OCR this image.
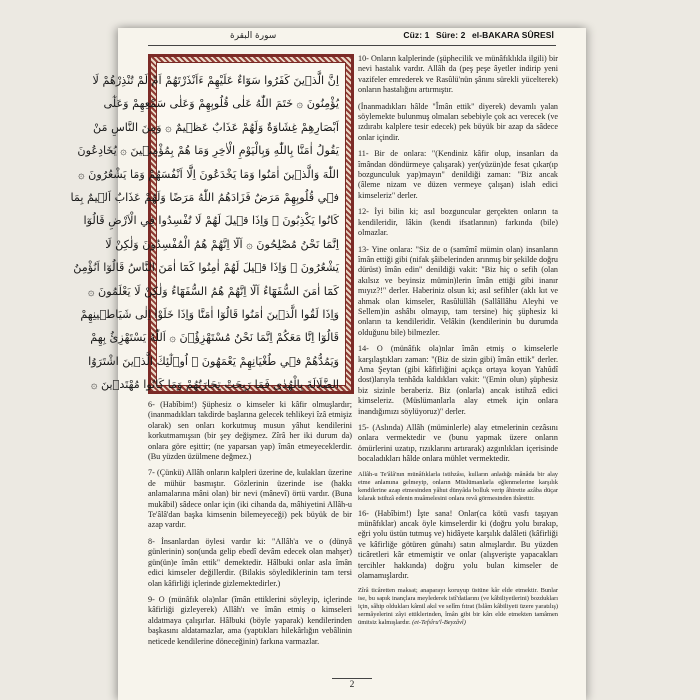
سورة البقرة	Cüz: 1 Süre: 2 el-BAKARA SÛRESİ
اِنَّ الَّذ۪ينَ كَفَرُوا سَوَٓاءٌ عَلَيْهِمْ ءَاَنْذَرْتَهُمْ اَمْ لَمْ تُنْذِرْهُمْ لَا
يُؤْمِنُونَ ۞ خَتَمَ اللّٰهُ عَلٰى قُلُوبِهِمْ وَعَلٰى سَمْعِهِمْ وَعَلٰٓى
اَبْصَارِهِمْ غِشَاوَةٌ وَلَهُمْ عَذَابٌ عَظ۪يمٌ ۞ وَمِنَ النَّاسِ مَنْ
يَقُولُ اٰمَنَّا بِاللّٰهِ وَبِالْيَوْمِ الْاٰخِرِ وَمَا هُمْ بِمُؤْمِن۪ينَ ۞ يُخَادِعُونَ
اللّٰهَ وَالَّذ۪ينَ اٰمَنُوا وَمَا يَخْدَعُونَ اِلَّٓا اَنْفُسَهُمْ وَمَا يَشْعُرُونَ ۞
ف۪ي قُلُوبِهِمْ مَرَضٌ فَزَادَهُمُ اللّٰهُ مَرَضًا وَلَهُمْ عَذَابٌ اَل۪يمٌ بِمَا
كَانُوا يَكْذِبُونَ ۞ وَاِذَا ق۪يلَ لَهُمْ لَا تُفْسِدُوا فِي الْاَرْضِ قَالُوٓا
اِنَّمَا نَحْنُ مُصْلِحُونَ ۞ اَلَٓا اِنَّهُمْ هُمُ الْمُفْسِدُونَ وَلٰكِنْ لَا
يَشْعُرُونَ ۞ وَاِذَا ق۪يلَ لَهُمْ اٰمِنُوا كَمَٓا اٰمَنَ النَّاسُ قَالُوٓا اَنُؤْمِنُ
كَمَٓا اٰمَنَ السُّفَهَٓاءُ اَلَٓا اِنَّهُمْ هُمُ السُّفَهَٓاءُ وَلٰكِنْ لَا يَعْلَمُونَ ۞
وَاِذَا لَقُوا الَّذ۪ينَ اٰمَنُوا قَالُوٓا اٰمَنَّا وَاِذَا خَلَوْا اِلٰى شَيَاط۪ينِهِمْ
قَالُوٓا اِنَّا مَعَكُمْ اِنَّمَا نَحْنُ مُسْتَهْزِؤُ۫نَ ۞ اَللّٰهُ يَسْتَهْزِئُ بِهِمْ
وَيَمُدُّهُمْ ف۪ي طُغْيَانِهِمْ يَعْمَهُونَ ۞ اُو۬لٰٓئِكَ الَّذ۪ينَ اشْتَرَوُا
الضَّلَالَةَ بِالْهُدٰى فَمَا رَبِحَتْ تِجَارَتُهُمْ وَمَا كَانُوا مُهْتَد۪ينَ ۞

10- Onların kalplerinde (şüphecilik ve münâfıklıkla ilgili) bir nevi hastalık vardır. Allâh da (peş peşe âyetler indirip yeni vazifeler emrederek ve Rasûlü'nün şânını sürekli yücelterek) onların hastalığını artırmıştır.

(İnanmadıkları hâlde "Îmân ettik" diyerek) devamlı yalan söylemekte bulunmuş olmaları sebebiyle çok acı verecek (ve ızdırabı kalplere tesir edecek) pek büyük bir azap da sâdece onlar içindir.

11- Bir de onlara: "(Kendiniz kâfir olup, insanları da îmândan döndürmeye çalışarak) yer(yüzün)de fesat çıkar(ıp bozgunculuk yap)mayın" denildiği zaman: "Biz ancak (âleme nizam ve düzen vermeye çalışan) islah edici kimseleriz" derler.

12- İyi bilin ki; asıl bozguncular gerçekten onların ta kendileridir, lâkin (kendi ifsatlarının) farkında (bile) olmazlar.

13- Yine onlara: "Siz de o (samîmî mümin olan) insanların îmân ettiği gibi (nifak şâibelerinden arınmış bir şekilde doğru dürüst) îmân edin" denildiği vakit: "Biz hiç o sefih (olan akılsız ve beyinsiz mümin)lerin îmân ettiği gibi inanır mıyız?!" derler. Haberiniz olsun ki; asıl sefihler (aklı kıt ve ahmak olan kimseler, Rasûlüllâh (Sallâllâhu Aleyhi ve Sellem)in ashâbı olmayıp, tam tersine) hiç şüphesiz ki onların ta kendileridir. Velâkin (kendilerinin bu durumda olduğunu bile) bilmezler.

14- O (münâfık ola)nlar îmân etmiş o kimselerle karşılaştıkları zaman: "(Biz de sizin gibi) îmân ettik" derler. Ama Şeytan (gibi kâfirliğini açıkça ortaya koyan Yahûdî dost)larıyla tenhâda kaldıkları vakit: "(Emin olun) şüphesiz biz sizinle beraberiz. Biz (onlarla) ancak istihzâ edici kimseleriz. (Müslümanlarla alay etmek için onlara inandığımızı söylüyoruz)" derler.

15- (Aslında) Allâh (müminlerle) alay etmelerinin cezâsını onlara vermektedir ve (bunu yapmak üzere onların ömürlerini uzatıp, rızıklarını artırarak) azgınlıkları içerisinde bocaladıkları hâlde onlara mühlet vermektedir.

Allâh-u Te'âlâ'nın münâfıklarla istihzâsı, kulların anladığı mânâda bir alay etme anlamına gelmeyip, onların Müslümanlarla eğlenmelerine karşılık kendilerine azap etmesinden yâhut dünyâda bolluk verip âhirette azâba düçar kılarak istihzâ edenin muâmelesini onlara revâ görmesinden ibârettir.

16- (Habîbim!) İşte sana! Onlar(ca kötü vasfı taşıyan münâfıklar) ancak öyle kimselerdir ki (doğru yolu bırakıp, eğri yolu üstün tutmuş ve) hidâyete karşılık dalâleti (kâfirliği ve kâfirliğe götüren günahı) satın almışlardır. Bu yüzden ticâretleri kâr etmemiştir ve onlar (alışverişte yapacakları tercihler hakkında) doğru yolu bulan kimseler de olamamışlardır.

Zîrâ ticâretten maksat; anaparayı koruyup üstüne kâr elde etmektir. Bunlar ise, bu sapık inançlara meylederek istî'datlarını (ve kâbiliyetlerini) bozdukları için, sâhip oldukları kâmil akıl ve selîm fıtrat (İslâm kâbiliyeti üzere yaratılış) sermâyelerini zâyi ettiklerinden, îmân gibi bir kârı elde etmekten tamâmen ümitsiz kalmışlardır. (et-Tefsîru'l-Beyzâvî)

6- (Habîbim!) Şüphesiz o kimseler ki kâfir olmuşlardır; (inanmadıkları takdirde başlarına gelecek tehlikeyi îzâ etmişiz olarak) sen onları korkutmuş musun yâhut kendilerini korkutmamışsın (bir şey değişmez. Zîrâ her iki durum da) onlara göre eşittir; (ne yaparsan yap) îmân etmeyeceklerdir. (Bu yüzden üzülmene değmez.)

7- (Çünkü) Allâh onların kalpleri üzerine de, kulakları üzerine de mühür basmıştır. Gözlerinin üzerinde ise (hakkı anlamalarına mâni olan) bir nevi (mânevî) örtü vardır. (Buna mukâbil) sâdece onlar için (iki cihanda da, mâhiyetini Allâh-u Te'âlâ'dan başka kimsenin bilemeyeceği) pek büyük de bir azap vardır.

8- İnsanlardan öylesi vardır ki: "Allâh'a ve o (dünyâ günlerinin) son(unda gelip ebedî devâm edecek olan mahşer) gün(ün)e îmân ettik" demektedir. Hâlbuki onlar asla îmân edici kimseler değillerdir. (Bilakis söylediklerinin tam tersi olan kâfirliği içlerinde gizlemektedirler.)

9- O (münâfık ola)nlar (îmân ettiklerini söyleyip, içlerinde kâfirliği gizleyerek) Allâh'ı ve îmân etmiş o kimseleri aldatmaya çalışırlar. Hâlbuki (böyle yaparak) kendilerinden başkasını aldatamazlar, ama (yaptıkları hilekârlığın vebâlinin neticede kendilerine döneceğinin) farkına varmazlar.

2
